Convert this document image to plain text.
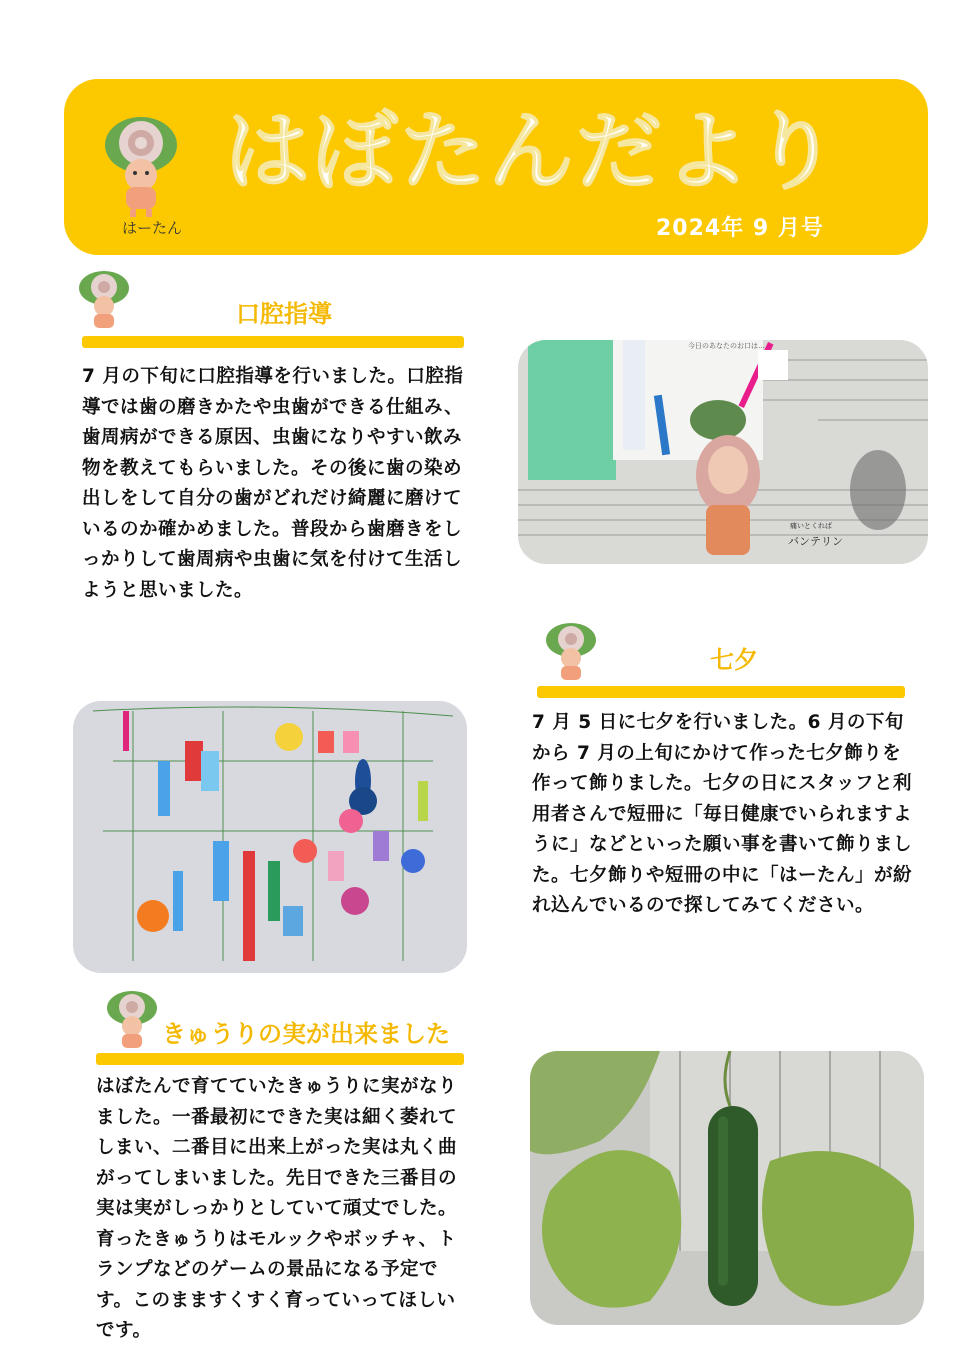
はーたん
はぼたんだより
2024年 9 月号
口腔指導

7 月の下旬に口腔指導を行いました。口腔指導では歯の磨きかたや虫歯ができる仕組み、歯周病ができる原因、虫歯になりやすい飲み物を教えてもらいました。その後に歯の染め出しをして自分の歯がどれだけ綺麗に磨けているのか確かめました。普段から歯磨きをしっかりして歯周病や虫歯に気を付けて生活しようと思いました。

今日のあなたのお口は…
バンテリン
痛いとくれば
七夕

7 月 5 日に七夕を行いました。6 月の下旬から 7 月の上旬にかけて作った七夕飾りを作って飾りました。七夕の日にスタッフと利用者さんで短冊に「毎日健康でいられますように」などといった願い事を書いて飾りました。七夕飾りや短冊の中に「はーたん」が紛れ込んでいるので探してみてください。

きゅうりの実が出来ました

はぼたんで育てていたきゅうりに実がなりました。一番最初にできた実は細く萎れてしまい、二番目に出来上がった実は丸く曲がってしまいました。先日できた三番目の実は実がしっかりとしていて頑丈でした。育ったきゅうりはモルックやボッチャ、トランプなどのゲームの景品になる予定です。このまますくすく育っていってほしいです。
